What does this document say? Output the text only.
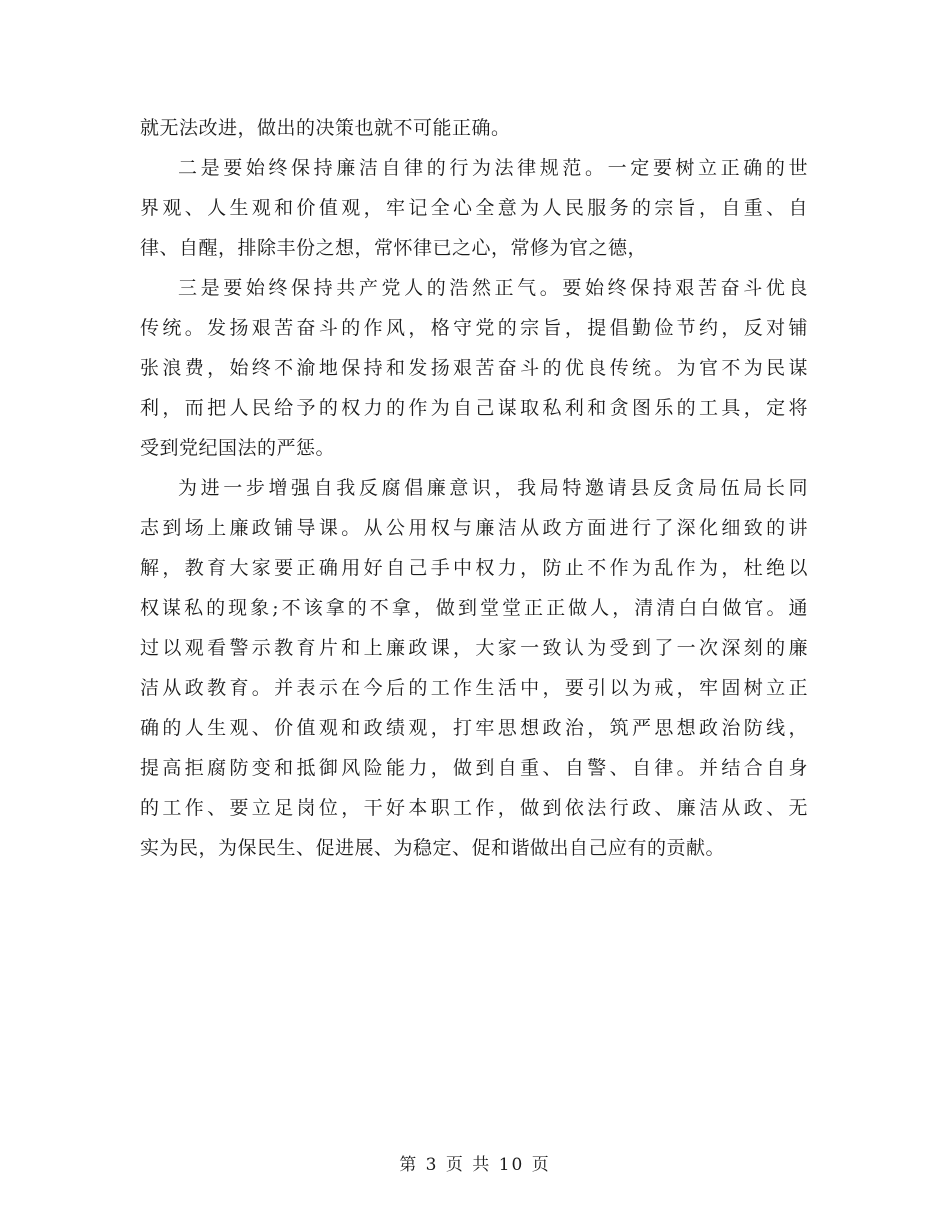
就无法改进，做出的决策也就不可能正确。
二是要始终保持廉洁自律的行为法律规范。一定要树立正确的世
界观、人生观和价值观，牢记全心全意为人民服务的宗旨，自重、自
律、自醒，排除丰份之想，常怀律已之心，常修为官之德，
三是要始终保持共产党人的浩然正气。要始终保持艰苦奋斗优良
传统。发扬艰苦奋斗的作风，格守党的宗旨，提倡勤俭节约，反对铺
张浪费，始终不渝地保持和发扬艰苦奋斗的优良传统。为官不为民谋
利，而把人民给予的权力的作为自己谋取私利和贪图乐的工具，定将
受到党纪国法的严惩。
为进一步增强自我反腐倡廉意识，我局特邀请县反贪局伍局长同
志到场上廉政铺导课。从公用权与廉洁从政方面进行了深化细致的讲
解，教育大家要正确用好自己手中权力，防止不作为乱作为，杜绝以
权谋私的现象;不该拿的不拿，做到堂堂正正做人，清清白白做官。通
过以观看警示教育片和上廉政课，大家一致认为受到了一次深刻的廉
洁从政教育。并表示在今后的工作生活中，要引以为戒，牢固树立正
确的人生观、价值观和政绩观，打牢思想政治，筑严思想政治防线，
提高拒腐防变和抵御风险能力，做到自重、自警、自律。并结合自身
的工作、要立足岗位，干好本职工作，做到依法行政、廉洁从政、无
实为民，为保民生、促进展、为稳定、促和谐做出自己应有的贡献。
第 3 页 共 10 页
